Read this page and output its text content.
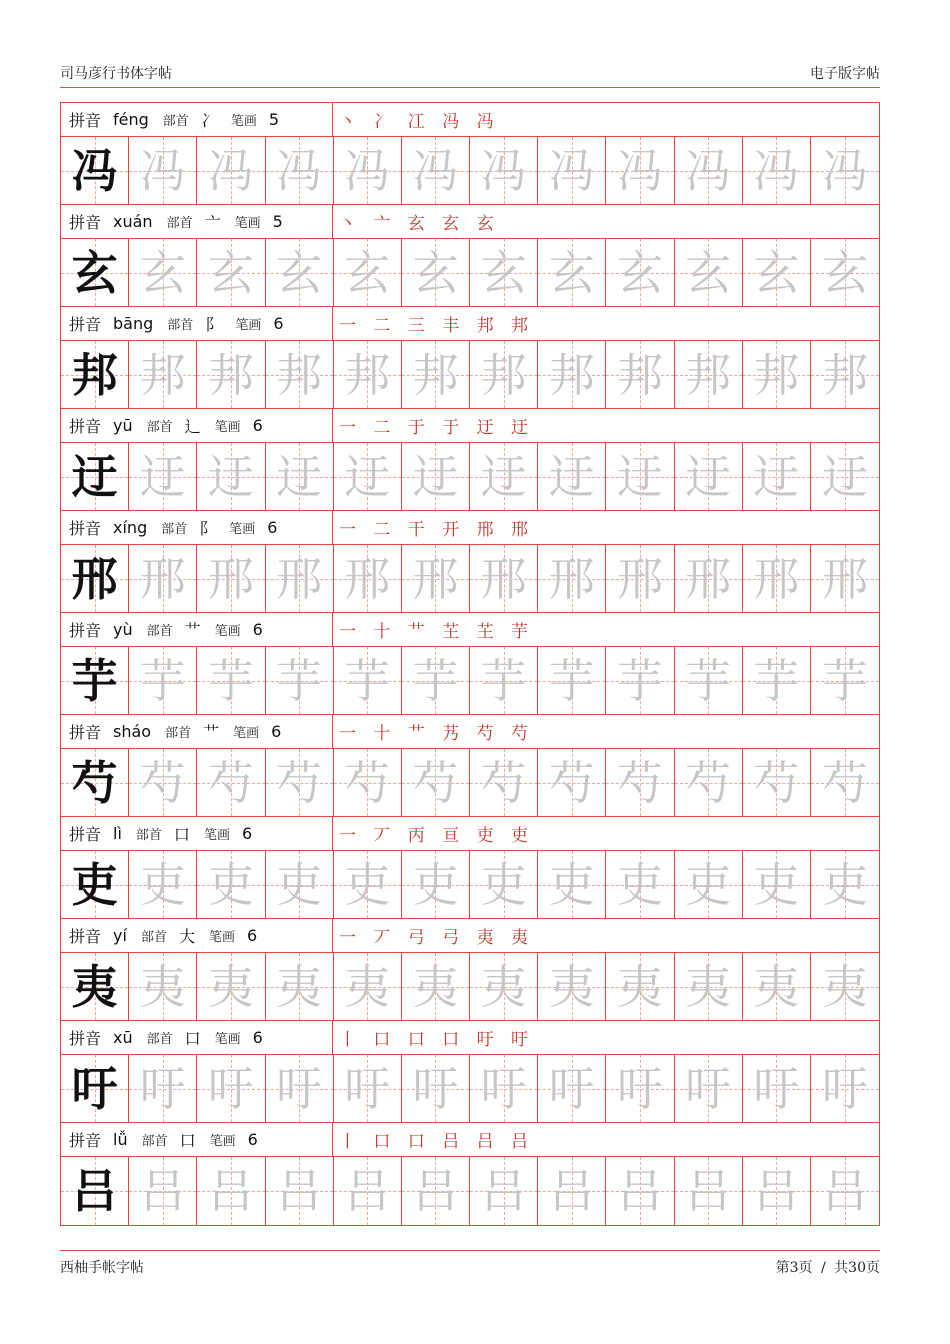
司马彦行书体字帖	电子版字帖
拼音 féng 部首 冫 笔画 5	丶 冫 冮 冯 冯
冯 冯 冯 冯 冯 冯 冯 冯 冯 冯 冯 冯
拼音 xuán 部首 亠 笔画 5	丶 亠 玄 玄 玄
玄 玄 玄 玄 玄 玄 玄 玄 玄 玄 玄 玄
拼音 bāng 部首 阝 笔画 6	一 二 三 丰 邦 邦
邦 邦 邦 邦 邦 邦 邦 邦 邦 邦 邦 邦
拼音 yū 部首 辶 笔画 6	一 二 于 于 迂 迂
迂 迂 迂 迂 迂 迂 迂 迂 迂 迂 迂 迂
拼音 xíng 部首 阝 笔画 6	一 二 干 开 邢 邢
邢 邢 邢 邢 邢 邢 邢 邢 邢 邢 邢 邢
拼音 yù 部首 艹 笔画 6	一 十 艹 芏 芏 芋
芋 芋 芋 芋 芋 芋 芋 芋 芋 芋 芋 芋
拼音 sháo 部首 艹 笔画 6	一 十 艹 艿 芍 芍
芍 芍 芍 芍 芍 芍 芍 芍 芍 芍 芍 芍
拼音 lì 部首 口 笔画 6	一 丆 丙 亘 吏 吏
吏 吏 吏 吏 吏 吏 吏 吏 吏 吏 吏 吏
拼音 yí 部首 大 笔画 6	一 丆 弓 弓 夷 夷
夷 夷 夷 夷 夷 夷 夷 夷 夷 夷 夷 夷
拼音 xū 部首 口 笔画 6	丨 口 口 口 吁 吁
吁 吁 吁 吁 吁 吁 吁 吁 吁 吁 吁 吁
拼音 lǚ 部首 口 笔画 6	丨 口 口 吕 吕 吕
吕 吕 吕 吕 吕 吕 吕 吕 吕 吕 吕 吕
西柚手帐字帖	第3页 / 共30页
